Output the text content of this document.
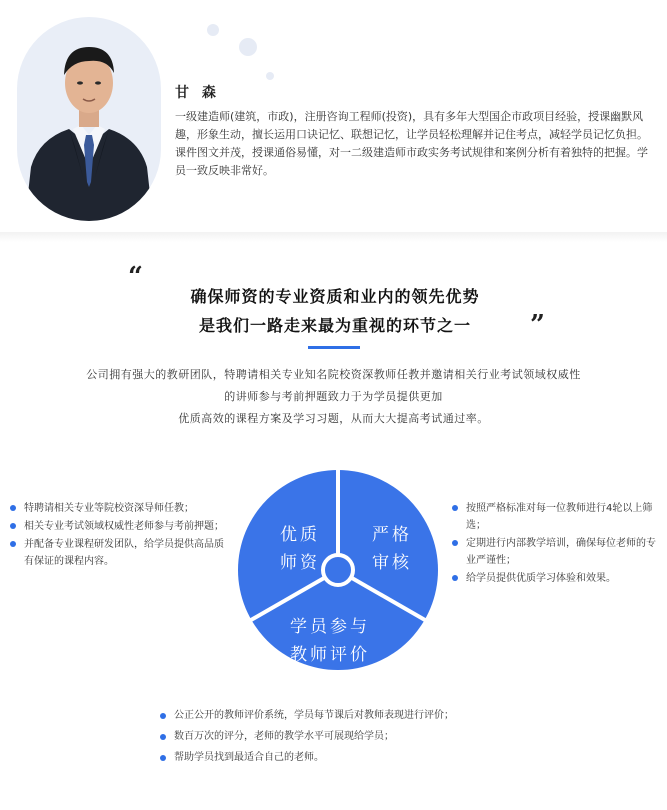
甘 森
一级建造师(建筑，市政)，注册咨询工程师(投资)，具有多年大型国企市政项目经验，授课幽默风趣，形象生动，擅长运用口诀记忆、联想记忆，让学员轻松理解并记住考点，减轻学员记忆负担。课件图文并茂，授课通俗易懂，对一二级建造师市政实务考试规律和案例分析有着独特的把握。学员一致反映非常好。
“
确保师资的专业资质和业内的领先优势
是我们一路走来最为重视的环节之一	”
公司拥有强大的教研团队，特聘请相关专业知名院校资深教师任教并邀请相关行业考试领域权威性
的讲师参与考前押题致力于为学员提供更加
优质高效的课程方案及学习习题，从而大大提高考试通过率。
优质
师资
严格
审核
学员参与
教师评价
特聘请相关专业等院校资深导师任教；
相关专业考试领域权威性老师参与考前押题；
并配备专业课程研发团队，给学员提供高品质有保证的课程内容。
按照严格标准对每一位教师进行4轮以上筛选；
定期进行内部教学培训，确保每位老师的专业严谨性；
给学员提供优质学习体验和效果。
公正公开的教师评价系统，学员每节课后对教师表现进行评价；
数百万次的评分，老师的教学水平可展现给学员；
帮助学员找到最适合自己的老师。
